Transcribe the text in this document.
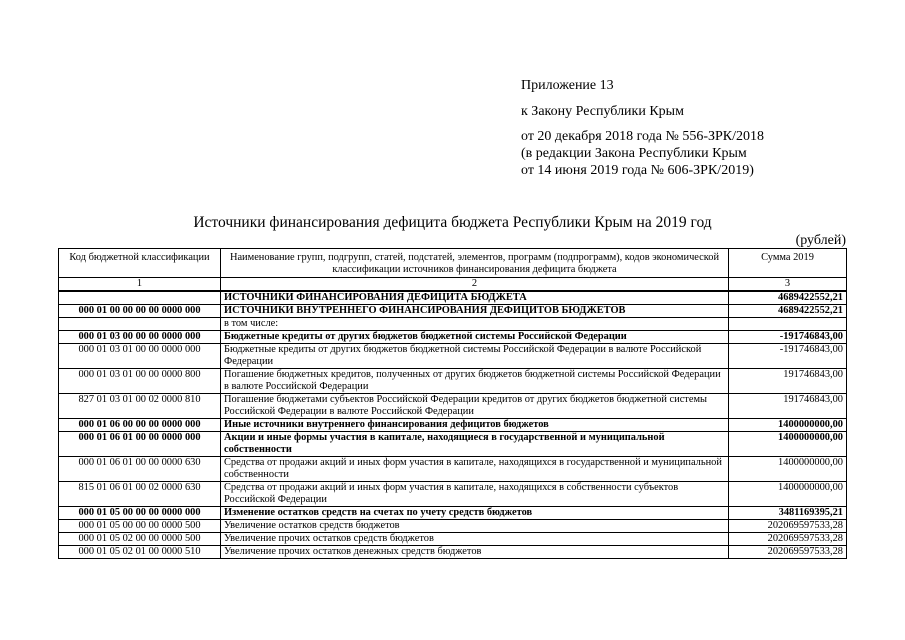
Приложение 13
к Закону Республики Крым
от 20 декабря 2018 года № 556-ЗРК/2018
(в редакции Закона Республики Крым
от 14 июня 2019 года № 606-ЗРК/2019)
Источники финансирования дефицита бюджета Республики Крым на 2019 год
(рублей)
Код бюджетной классификации	Наименование групп, подгрупп, статей, подстатей, элементов, программ (подпрограмм), кодов экономической классификации источников финансирования дефицита бюджета	Сумма 2019
1	2	3
	ИСТОЧНИКИ ФИНАНСИРОВАНИЯ ДЕФИЦИТА БЮДЖЕТА	4689422552,21
000 01 00 00 00 00 0000 000	ИСТОЧНИКИ ВНУТРЕННЕГО ФИНАНСИРОВАНИЯ ДЕФИЦИТОВ БЮДЖЕТОВ	4689422552,21
	в том числе:	
000 01 03 00 00 00 0000 000	Бюджетные кредиты от других бюджетов бюджетной системы Российской Федерации	-191746843,00
000 01 03 01 00 00 0000 000	Бюджетные кредиты от других бюджетов бюджетной системы Российской Федерации в валюте Российской Федерации	-191746843,00
000 01 03 01 00 00 0000 800	Погашение бюджетных кредитов, полученных от других бюджетов бюджетной системы Российской Федерации в валюте Российской Федерации	191746843,00
827 01 03 01 00 02 0000 810	Погашение бюджетами субъектов Российской Федерации кредитов от других бюджетов бюджетной системы Российской Федерации в валюте Российской Федерации	191746843,00
000 01 06 00 00 00 0000 000	Иные источники внутреннего финансирования дефицитов бюджетов	1400000000,00
000 01 06 01 00 00 0000 000	Акции и иные формы участия в капитале, находящиеся в государственной и муниципальной собственности	1400000000,00
000 01 06 01 00 00 0000 630	Средства от продажи акций и иных форм участия в капитале, находящихся в государственной и муниципальной собственности	1400000000,00
815 01 06 01 00 02 0000 630	Средства от продажи акций и иных форм участия в капитале, находящихся в собственности субъектов Российской Федерации	1400000000,00
000 01 05 00 00 00 0000 000	Изменение остатков средств на счетах по учету средств бюджетов	3481169395,21
000 01 05 00 00 00 0000 500	Увеличение остатков средств бюджетов	202069597533,28
000 01 05 02 00 00 0000 500	Увеличение прочих остатков средств бюджетов	202069597533,28
000 01 05 02 01 00 0000 510	Увеличение прочих остатков денежных средств бюджетов	202069597533,28
